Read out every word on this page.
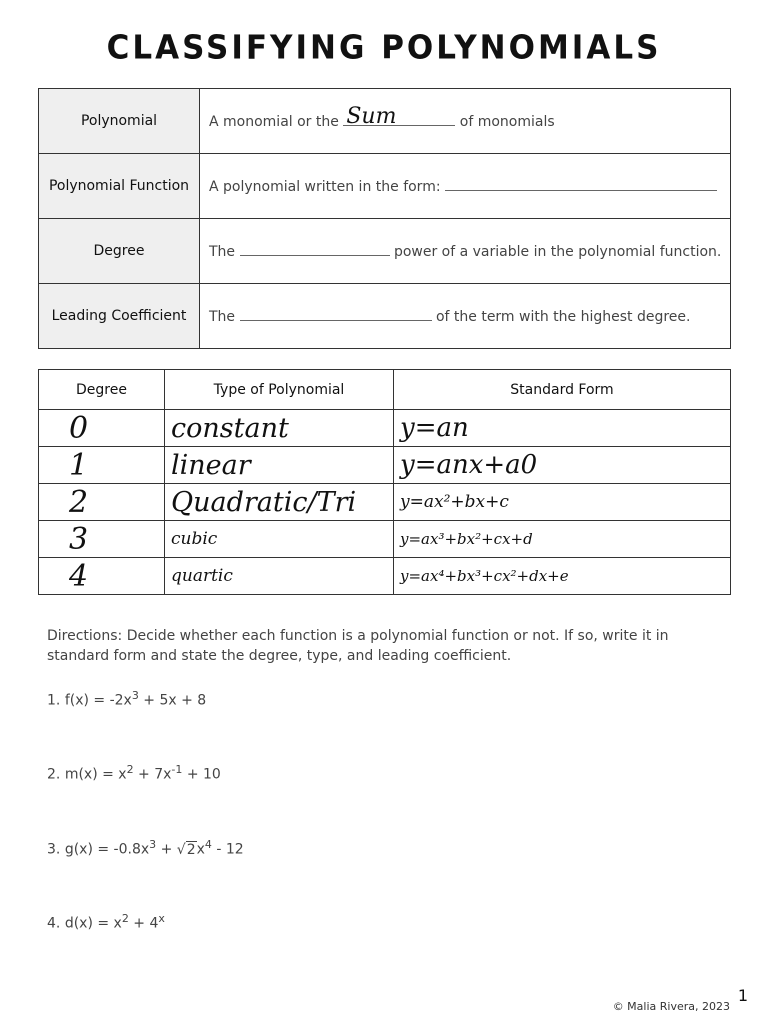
CLASSIFYING POLYNOMIALS
Polynomial	A monomial or the Sum of monomials
Polynomial Function	A polynomial written in the form:
Degree	The power of a variable in the polynomial function.
Leading Coefficient	The of the term with the highest degree.
Degree	Type of Polynomial	Standard Form
0	constant	y=an
1	linear	y=anx+a0
2	Quadratic/Tri	y=ax²+bx+c
3	cubic	y=ax³+bx²+cx+d
4	quartic	y=ax⁴+bx³+cx²+dx+e
Directions: Decide whether each function is a polynomial function or not. If so, write it in standard form and state the degree, type, and leading coefficient.
1. $f(x) = -2x^3 + 5x + 8$
2. $m(x) = x^2 + 7x^{-1} + 10$
3. $g(x) = -0.8x^3 + √2x^4 - 12$
4. $d(x) = x^2 + 4^x$
1
© Malia Rivera, 2023
